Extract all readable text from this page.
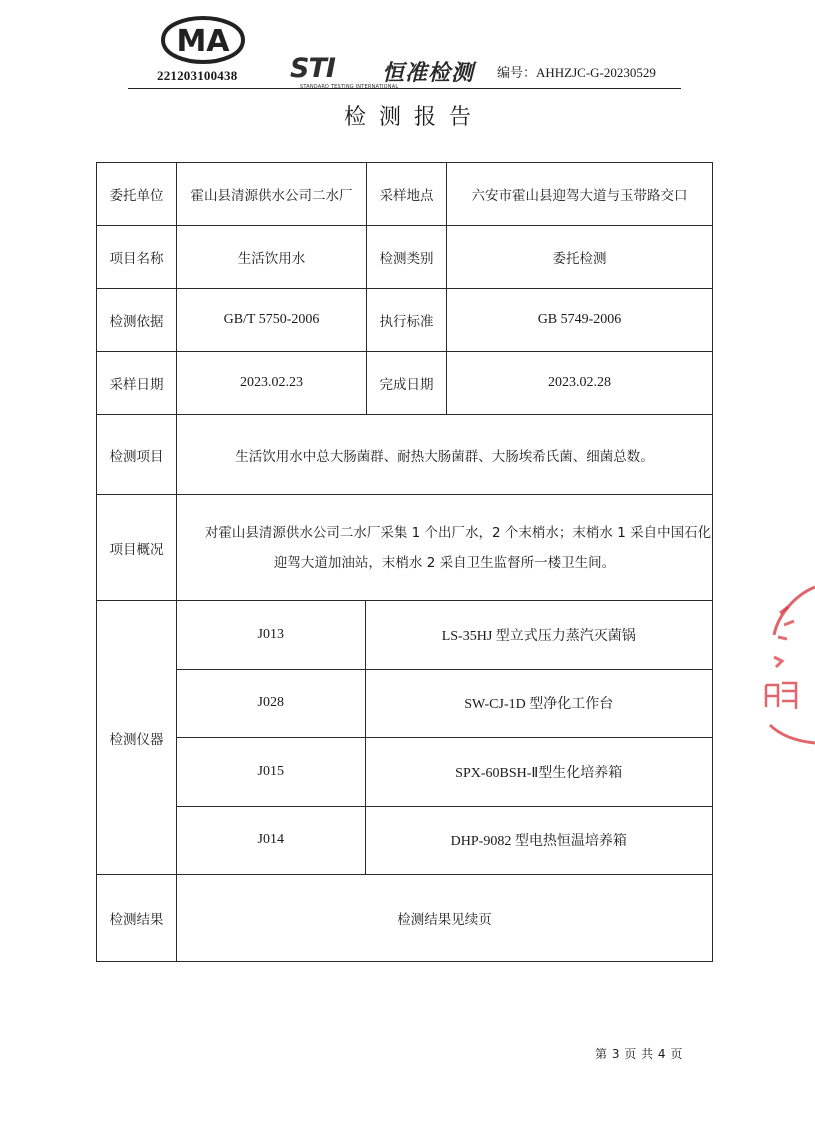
MA
221203100438 STI
STANDARD TESTING INTERNATIONAL
恒准检测 编号：AHHZJC-G-20230529
检测报告
委托单位	霍山县清源供水公司二水厂	采样地点	六安市霍山县迎驾大道与玉带路交口
项目名称	生活饮用水	检测类别	委托检测
检测依据	GB/T 5750-2006	执行标准	GB 5749-2006
采样日期	2023.02.23	完成日期	2023.02.28
检测项目	生活饮用水中总大肠菌群、耐热大肠菌群、大肠埃希氏菌、细菌总数。
项目概况	对霍山县清源供水公司二水厂采集 1 个出厂水，2 个末梢水；末梢水 1 采自中国石化迎驾大道加油站，末梢水 2 采自卫生监督所一楼卫生间。
检测仪器	
J013	LS-35HJ 型立式压力蒸汽灭菌锅
J028	SW-CJ-1D 型净化工作台
J015	SPX-60BSH-Ⅱ型生化培养箱
J014	DHP-9082 型电热恒温培养箱

检测结果	检测结果见续页
第 3 页 共 4 页
